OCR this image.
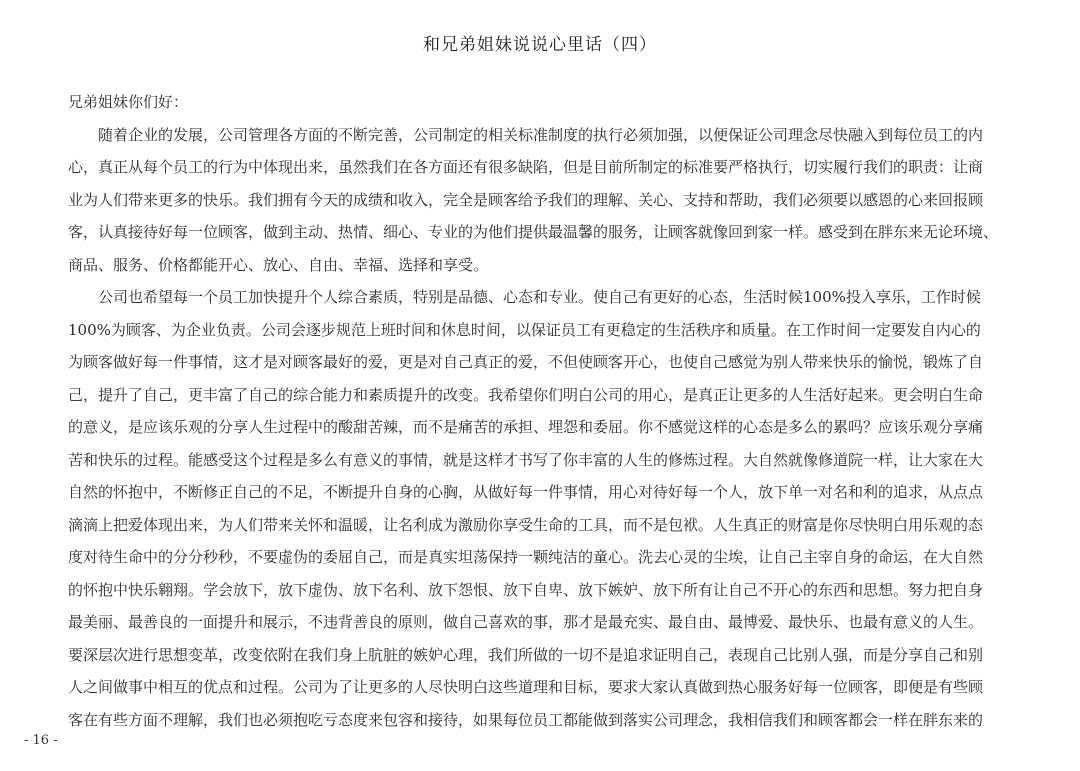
和兄弟姐妹说说心里话（四）
兄弟姐妹你们好：
随着企业的发展，公司管理各方面的不断完善，公司制定的相关标准制度的执行必须加强，以便保证公司理念尽快融入到每位员工的内
心，真正从每个员工的行为中体现出来，虽然我们在各方面还有很多缺陷，但是目前所制定的标准要严格执行，切实履行我们的职责：让商
业为人们带来更多的快乐。我们拥有今天的成绩和收入，完全是顾客给予我们的理解、关心、支持和帮助，我们必须要以感恩的心来回报顾
客，认真接待好每一位顾客，做到主动、热情、细心、专业的为他们提供最温馨的服务，让顾客就像回到家一样。感受到在胖东来无论环境、
商品、服务、价格都能开心、放心、自由、幸福、选择和享受。
公司也希望每一个员工加快提升个人综合素质，特别是品德、心态和专业。使自己有更好的心态，生活时候100%投入享乐，工作时候
100%为顾客、为企业负责。公司会逐步规范上班时间和休息时间，以保证员工有更稳定的生活秩序和质量。在工作时间一定要发自内心的
为顾客做好每一件事情，这才是对顾客最好的爱，更是对自己真正的爱，不但使顾客开心，也使自己感觉为别人带来快乐的愉悦，锻炼了自
己，提升了自己，更丰富了自己的综合能力和素质提升的改变。我希望你们明白公司的用心，是真正让更多的人生活好起来。更会明白生命
的意义，是应该乐观的分享人生过程中的酸甜苦辣，而不是痛苦的承担、埋怨和委屈。你不感觉这样的心态是多么的累吗？应该乐观分享痛
苦和快乐的过程。能感受这个过程是多么有意义的事情，就是这样才书写了你丰富的人生的修炼过程。大自然就像修道院一样，让大家在大
自然的怀抱中，不断修正自己的不足，不断提升自身的心胸，从做好每一件事情，用心对待好每一个人，放下单一对名和利的追求，从点点
滴滴上把爱体现出来，为人们带来关怀和温暖，让名利成为激励你享受生命的工具，而不是包袱。人生真正的财富是你尽快明白用乐观的态
度对待生命中的分分秒秒，不要虚伪的委屈自己，而是真实坦荡保持一颗纯洁的童心。洗去心灵的尘埃，让自己主宰自身的命运，在大自然
的怀抱中快乐翱翔。学会放下，放下虚伪、放下名利、放下怨恨、放下自卑、放下嫉妒、放下所有让自己不开心的东西和思想。努力把自身
最美丽、最善良的一面提升和展示，不违背善良的原则，做自己喜欢的事，那才是最充实、最自由、最博爱、最快乐、也最有意义的人生。
要深层次进行思想变革，改变依附在我们身上肮脏的嫉妒心理，我们所做的一切不是追求证明自己，表现自己比别人强，而是分享自己和别
人之间做事中相互的优点和过程。公司为了让更多的人尽快明白这些道理和目标，要求大家认真做到热心服务好每一位顾客，即便是有些顾
客在有些方面不理解，我们也必须抱吃亏态度来包容和接待，如果每位员工都能做到落实公司理念，我相信我们和顾客都会一样在胖东来的
- 16 -
